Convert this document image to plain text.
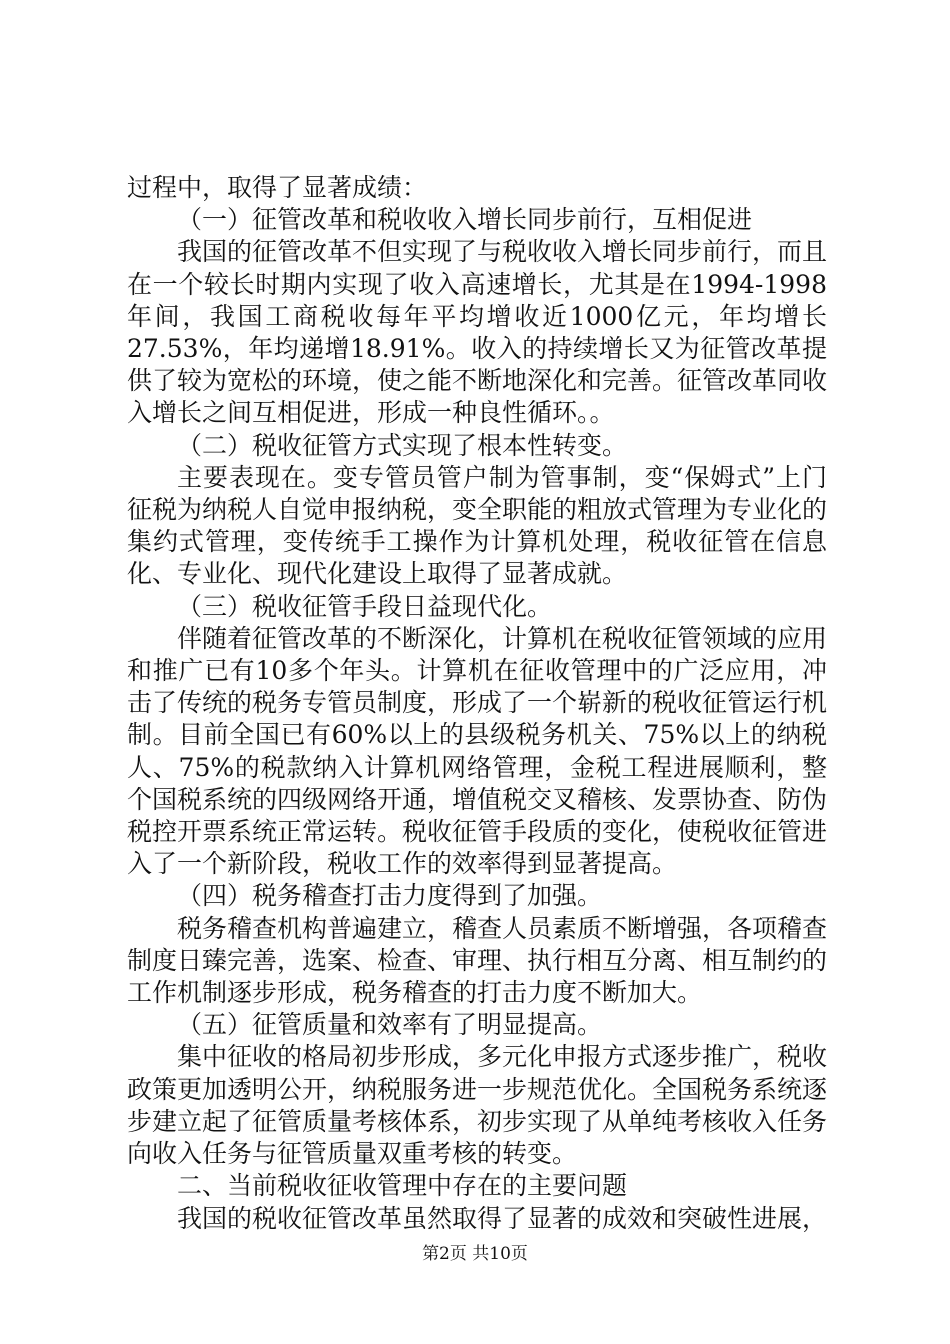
过程中，取得了显著成绩：

（一）征管改革和税收收入增长同步前行，互相促进

我国的征管改革不但实现了与税收收入增长同步前行，而且在一个较长时期内实现了收入高速增长，尤其是在1994-1998年间，我国工商税收每年平均增收近1000亿元，年均增长27.53%，年均递增18.91%。收入的持续增长又为征管改革提供了较为宽松的环境，使之能不断地深化和完善。征管改革同收入增长之间互相促进，形成一种良性循环。。

（二）税收征管方式实现了根本性转变。

主要表现在。变专管员管户制为管事制，变“保姆式”上门征税为纳税人自觉申报纳税，变全职能的粗放式管理为专业化的集约式管理，变传统手工操作为计算机处理，税收征管在信息化、专业化、现代化建设上取得了显著成就。

（三）税收征管手段日益现代化。

伴随着征管改革的不断深化，计算机在税收征管领域的应用和推广已有10多个年头。计算机在征收管理中的广泛应用，冲击了传统的税务专管员制度，形成了一个崭新的税收征管运行机制。目前全国已有60%以上的县级税务机关、75%以上的纳税人、75%的税款纳入计算机网络管理，金税工程进展顺利，整个国税系统的四级网络开通，增值税交叉稽核、发票协查、防伪税控开票系统正常运转。税收征管手段质的变化，使税收征管进入了一个新阶段，税收工作的效率得到显著提高。

（四）税务稽查打击力度得到了加强。

税务稽查机构普遍建立，稽查人员素质不断增强，各项稽查制度日臻完善，选案、检查、审理、执行相互分离、相互制约的工作机制逐步形成，税务稽查的打击力度不断加大。

（五）征管质量和效率有了明显提高。

集中征收的格局初步形成，多元化申报方式逐步推广，税收政策更加透明公开，纳税服务进一步规范优化。全国税务系统逐步建立起了征管质量考核体系，初步实现了从单纯考核收入任务向收入任务与征管质量双重考核的转变。

二、当前税收征收管理中存在的主要问题

我国的税收征管改革虽然取得了显著的成效和突破性进展，

第2页 共10页
